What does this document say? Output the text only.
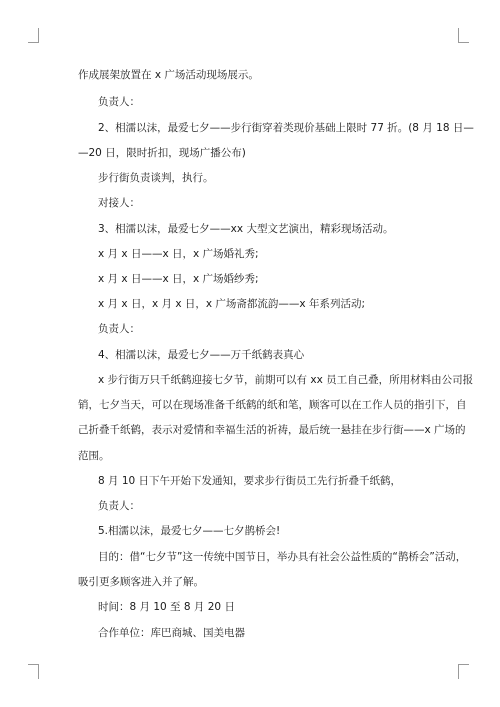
作成展架放置在 x 广场活动现场展示。
负责人：
2、相濡以沫，最爱七夕——步行街穿着类现价基础上限时 77 折。(8 月 18 日—
—20 日，限时折扣，现场广播公布)
步行街负责谈判，执行。
对接人：
3、相濡以沫，最爱七夕——xx 大型文艺演出，精彩现场活动。
x 月 x 日——x 日，x 广场婚礼秀;
x 月 x 日——x 日，x 广场婚纱秀;
x 月 x 日，x 月 x 日，x 广场斋都流韵——x 年系列活动;
负责人：
4、相濡以沫，最爱七夕——万千纸鹤表真心
x 步行街万只千纸鹤迎接七夕节，前期可以有 xx 员工自己叠，所用材料由公司报
销，七夕当天，可以在现场准备千纸鹤的纸和笔，顾客可以在工作人员的指引下，自
己折叠千纸鹤，表示对爱情和幸福生活的祈祷，最后统一悬挂在步行街——x 广场的
范围。
8 月 10 日下午开始下发通知，要求步行街员工先行折叠千纸鹤，
负责人：
5.相濡以沫，最爱七夕——七夕鹊桥会!
目的：借“七夕节”这一传统中国节日，举办具有社会公益性质的“鹊桥会”活动，
吸引更多顾客进入并了解。
时间：8 月 10 至 8 月 20 日
合作单位：库巴商城、国美电器
